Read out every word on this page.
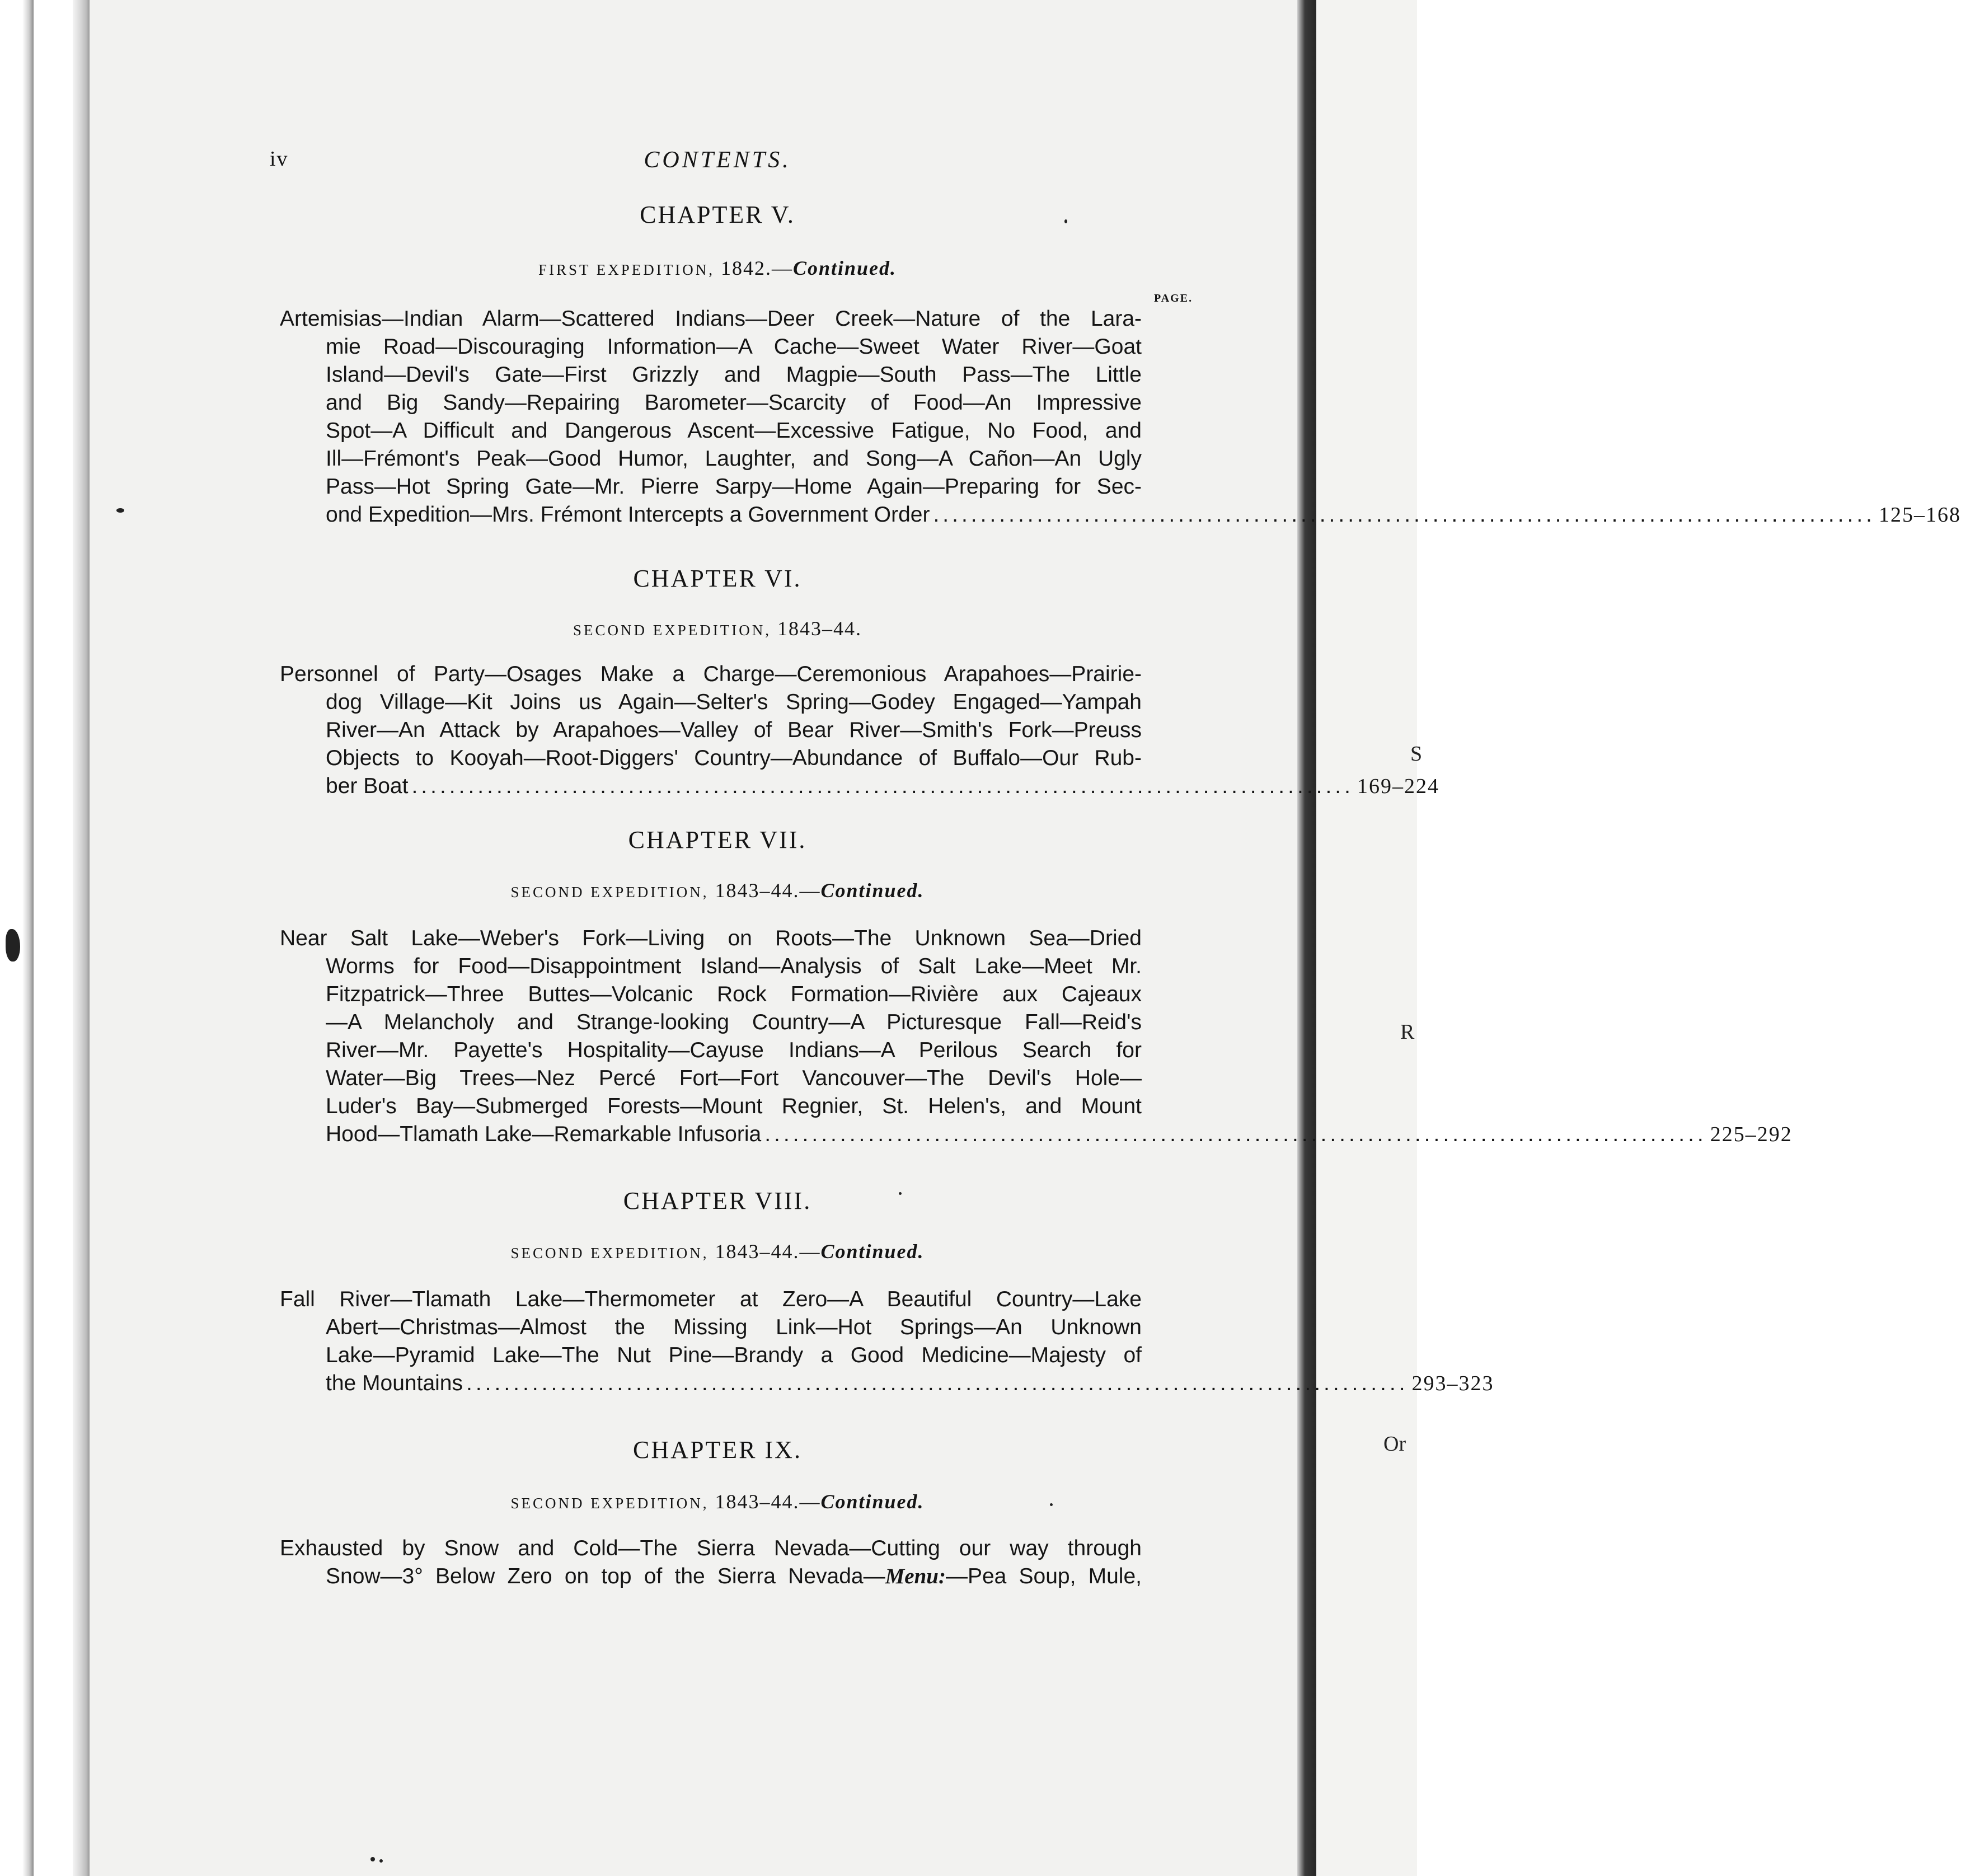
S
R
Or
iv	CONTENTS.
CHAPTER V.
FIRST EXPEDITION, 1842.—Continued.
PAGE.
Artemisias—Indian Alarm—Scattered Indians—Deer Creek—Nature of the Lara-
mie Road—Discouraging Information—A Cache—Sweet Water River—Goat
Island—Devil's Gate—First Grizzly and Magpie—South Pass—The Little
and Big Sandy—Repairing Barometer—Scarcity of Food—An Impressive
Spot—A Difficult and Dangerous Ascent—Excessive Fatigue, No Food, and
Ill—Frémont's Peak—Good Humor, Laughter, and Song—A Cañon—An Ugly
Pass—Hot Spring Gate—Mr. Pierre Sarpy—Home Again—Preparing for Sec-
ond Expedition—Mrs. Frémont Intercepts a Government Order .................................................................................................... 125–168
CHAPTER VI.
SECOND EXPEDITION, 1843–44.
Personnel of Party—Osages Make a Charge—Ceremonious Arapahoes—Prairie-
dog Village—Kit Joins us Again—Selter's Spring—Godey Engaged—Yampah
River—An Attack by Arapahoes—Valley of Bear River—Smith's Fork—Preuss
Objects to Kooyah—Root-Diggers' Country—Abundance of Buffalo—Our Rub-
ber Boat .................................................................................................... 169–224
CHAPTER VII.
SECOND EXPEDITION, 1843–44.—Continued.
Near Salt Lake—Weber's Fork—Living on Roots—The Unknown Sea—Dried
Worms for Food—Disappointment Island—Analysis of Salt Lake—Meet Mr.
Fitzpatrick—Three Buttes—Volcanic Rock Formation—Rivière aux Cajeaux
—A Melancholy and Strange-looking Country—A Picturesque Fall—Reid's
River—Mr. Payette's Hospitality—Cayuse Indians—A Perilous Search for
Water—Big Trees—Nez Percé Fort—Fort Vancouver—The Devil's Hole—
Luder's Bay—Submerged Forests—Mount Regnier, St. Helen's, and Mount
Hood—Tlamath Lake—Remarkable Infusoria .................................................................................................... 225–292
CHAPTER VIII.
SECOND EXPEDITION, 1843–44.—Continued.
Fall River—Tlamath Lake—Thermometer at Zero—A Beautiful Country—Lake
Abert—Christmas—Almost the Missing Link—Hot Springs—An Unknown
Lake—Pyramid Lake—The Nut Pine—Brandy a Good Medicine—Majesty of
the Mountains .................................................................................................... 293–323
CHAPTER IX.
SECOND EXPEDITION, 1843–44.—Continued.
Exhausted by Snow and Cold—The Sierra Nevada—Cutting our way through
Snow—3° Below Zero on top of the Sierra Nevada—Menu:—Pea Soup, Mule,
